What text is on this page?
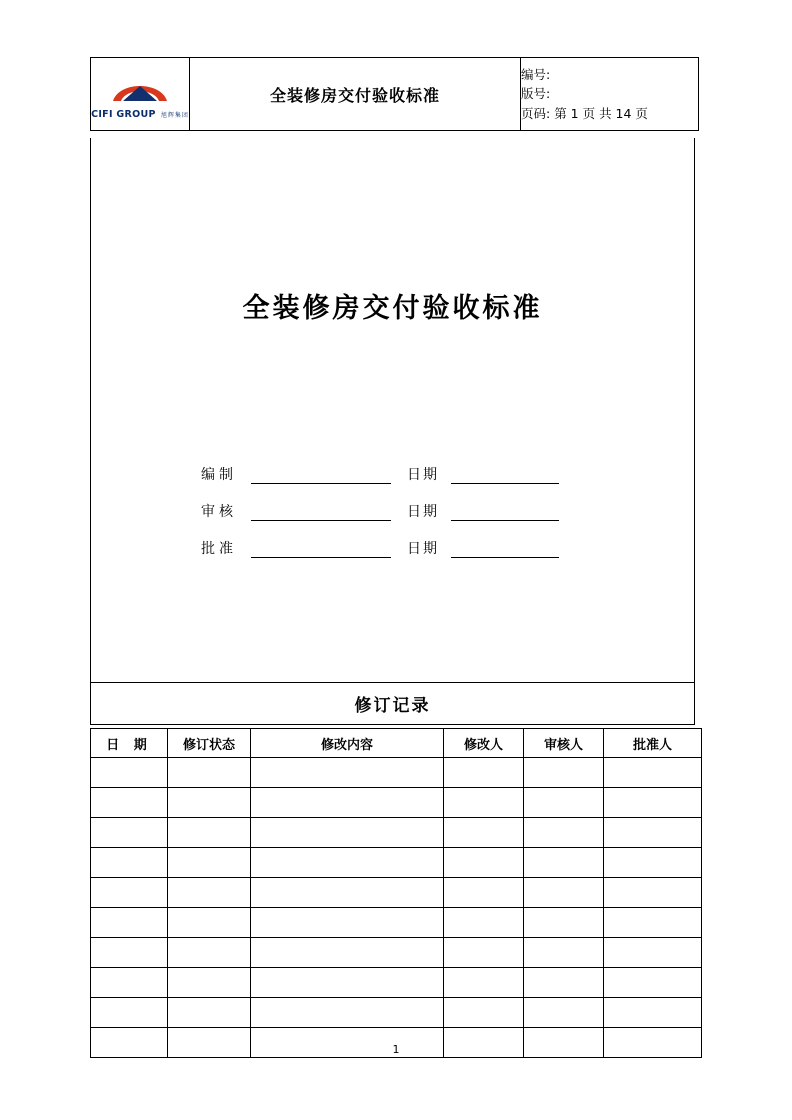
CIFI GROUP 旭辉集团	全装修房交付验收标准	
编号:
版号:
页码: 第 1 页 共 14 页
全装修房交付验收标准
编制	日期
审核	日期
批准	日期
修订记录
日 期	修订状态	修改内容	修改人	审核人	批准人

1
